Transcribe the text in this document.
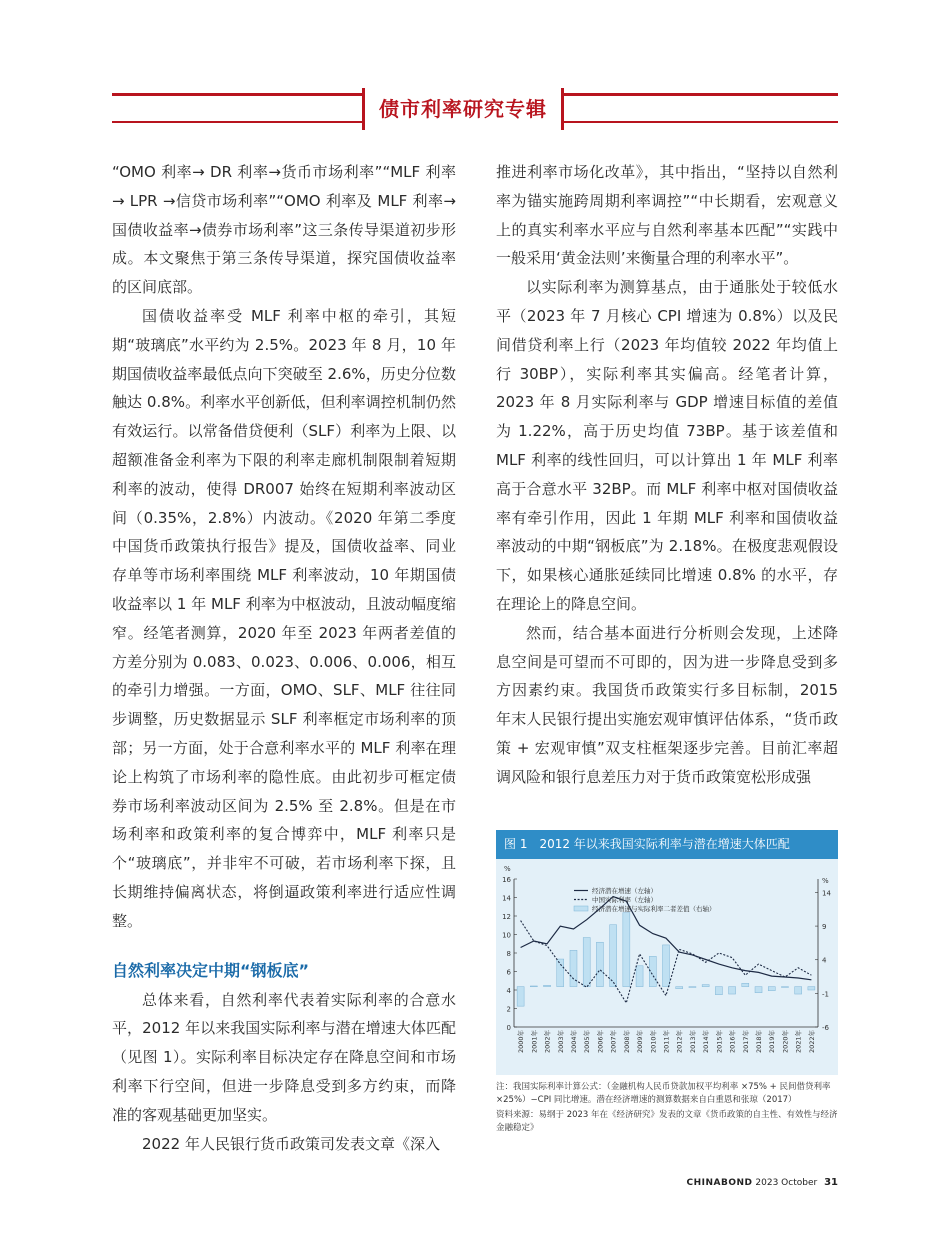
债市利率研究专辑

“OMO 利率→ DR 利率→货币市场利率”“MLF 利率→ LPR →信贷市场利率”“OMO 利率及 MLF 利率→国债收益率→债券市场利率”这三条传导渠道初步形成。本文聚焦于第三条传导渠道，探究国债收益率的区间底部。

国债收益率受 MLF 利率中枢的牵引，其短期“玻璃底”水平约为 2.5%。2023 年 8 月，10 年期国债收益率最低点向下突破至 2.6%，历史分位数触达 0.8%。利率水平创新低，但利率调控机制仍然有效运行。以常备借贷便利（SLF）利率为上限、以超额准备金利率为下限的利率走廊机制限制着短期利率的波动，使得 DR007 始终在短期利率波动区间（0.35%，2.8%）内波动。《2020 年第二季度中国货币政策执行报告》提及，国债收益率、同业存单等市场利率围绕 MLF 利率波动，10 年期国债收益率以 1 年 MLF 利率为中枢波动，且波动幅度缩窄。经笔者测算，2020 年至 2023 年两者差值的方差分别为 0.083、0.023、0.006、0.006，相互的牵引力增强。一方面，OMO、SLF、MLF 往往同步调整，历史数据显示 SLF 利率框定市场利率的顶部；另一方面，处于合意利率水平的 MLF 利率在理论上构筑了市场利率的隐性底。由此初步可框定债券市场利率波动区间为 2.5% 至 2.8%。但是在市场利率和政策利率的复合博弈中，MLF 利率只是个“玻璃底”，并非牢不可破，若市场利率下探，且长期维持偏离状态，将倒逼政策利率进行适应性调整。

自然利率决定中期“钢板底”

总体来看，自然利率代表着实际利率的合意水平，2012 年以来我国实际利率与潜在增速大体匹配（见图 1）。实际利率目标决定存在降息空间和市场利率下行空间，但进一步降息受到多方约束，而降准的客观基础更加坚实。

2022 年人民银行货币政策司发表文章《深入

推进利率市场化改革》，其中指出，“坚持以自然利率为锚实施跨周期利率调控”“中长期看，宏观意义上的真实利率水平应与自然利率基本匹配”“实践中一般采用‘黄金法则’来衡量合理的利率水平”。

以实际利率为测算基点，由于通胀处于较低水平（2023 年 7 月核心 CPI 增速为 0.8%）以及民间借贷利率上行（2023 年均值较 2022 年均值上行 30BP），实际利率其实偏高。经笔者计算，2023 年 8 月实际利率与 GDP 增速目标值的差值为 1.22%，高于历史均值 73BP。基于该差值和 MLF 利率的线性回归，可以计算出 1 年 MLF 利率高于合意水平 32BP。而 MLF 利率中枢对国债收益率有牵引作用，因此 1 年期 MLF 利率和国债收益率波动的中期“钢板底”为 2.18%。在极度悲观假设下，如果核心通胀延续同比增速 0.8% 的水平，存在理论上的降息空间。

然而，结合基本面进行分析则会发现，上述降息空间是可望而不可即的，因为进一步降息受到多方因素约束。我国货币政策实行多目标制，2015 年末人民银行提出实施宏观审慎评估体系，“货币政策 + 宏观审慎”双支柱框架逐步完善。目前汇率超调风险和银行息差压力对于货币政策宽松形成强

图 1　2012 年以来我国实际利率与潜在增速大体匹配
0
2
4
6
8
10
12
14
16
%
-6
-1
4
9
14
%
2000年 2001年 2002年 2003年 2004年 2005年 2006年 2007年 2008年 2009年 2010年 2011年 2012年 2013年 2014年 2015年 2016年 2017年 2018年 2019年 2020年 2021年 2022年
经济潜在增速（左轴）
中国实际利率（左轴）
经济潜在增速与实际利率二者差值（右轴）
注：我国实际利率计算公式：（金融机构人民币贷款加权平均利率 ×75% + 民间借贷利率 ×25%）−CPI 同比增速。潜在经济增速的测算数据来自白重恩和张琼（2017）
资料来源：易纲于 2023 年在《经济研究》发表的文章《货币政策的自主性、有效性与经济金融稳定》
CHINABOND 2023 October 31
